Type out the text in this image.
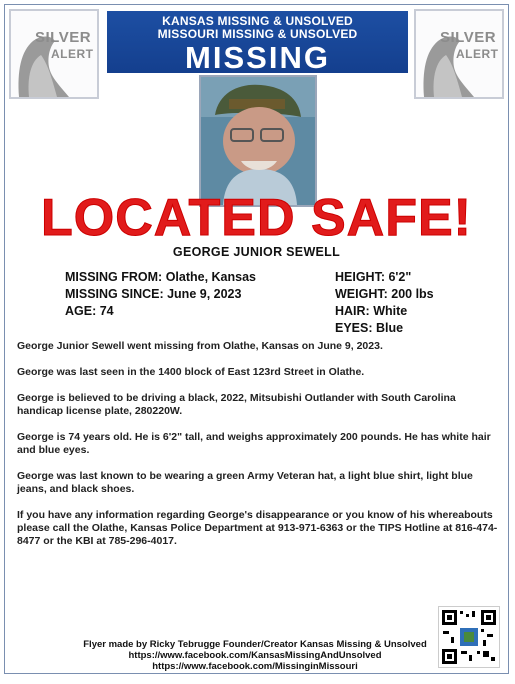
SILVER
ALERT
KANSAS MISSING & UNSOLVED
MISSOURI MISSING & UNSOLVED
MISSING
SILVER
ALERT
LOCATED SAFE!
GEORGE JUNIOR SEWELL
MISSING FROM: Olathe, Kansas
MISSING SINCE: June 9, 2023
AGE: 74
HEIGHT: 6'2"
WEIGHT: 200 lbs
HAIR: White
EYES: Blue

George Junior Sewell went missing from Olathe, Kansas on June 9, 2023.

George was last seen in the 1400 block of East 123rd Street in Olathe.

George is believed to be driving a black, 2022, Mitsubishi Outlander with South Carolina handicap license plate, 280220W.

George is 74 years old. He is 6'2" tall, and weighs approximately 200 pounds. He has white hair and blue eyes.

George was last known to be wearing a green Army Veteran hat, a light blue shirt, light blue jeans, and black shoes.

If you have any information regarding George's disappearance or you know of his whereabouts please call the Olathe, Kansas Police Department at 913-971-6363 or the TIPS Hotline at 816-474-8477 or the KBI at 785-296-4017.

Flyer made by Ricky Tebrugge Founder/Creator Kansas Missing & Unsolved
https://www.facebook.com/KansasMissingAndUnsolved
https://www.facebook.com/MissinginMissouri
